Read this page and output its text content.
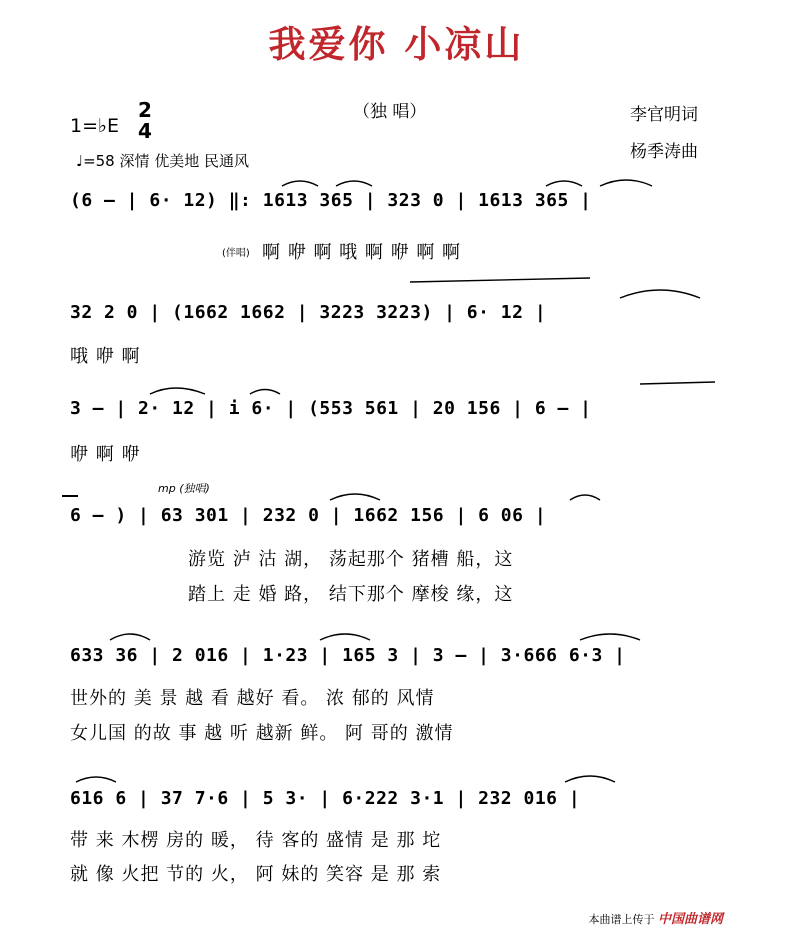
我爱你 小凉山
（独 唱）	李官明词
杨季涛曲
1=♭E
2
4
♩=58 深情 优美地 民通风
(6 — | 6· 12) ‖: 1613 365 | 323 0 | 1613 365 |
(伴唱) 啊 咿 啊 哦 啊 咿 啊 啊
32 2 0 | (1662 1662 | 3223 3223) | 6· 12 |
哦 咿 啊
3 — | 2· 12 | i 6· | (553 561 | 20 156 | 6 — |
咿 啊 咿
mp (独唱)
6 — ) | 63 301 | 232 0 | 1662 156 | 6 06 |
游览 泸 沽 湖， 荡起那个 猪槽 船，这
踏上 走 婚 路， 结下那个 摩梭 缘，这
633 36 | 2 016 | 1·23 | 165 3 | 3 — | 3·666 6·3 |
世外的 美 景 越 看 越好 看。 浓 郁的 风情
女儿国 的故 事 越 听 越新 鲜。 阿 哥的 激情
616 6 | 37 7·6 | 5 3· | 6·222 3·1 | 232 016 |
带 来 木楞 房的 暖， 待 客的 盛情 是 那 坨
就 像 火把 节的 火， 阿 妹的 笑容 是 那 索
本曲谱上传于 中国曲谱网
